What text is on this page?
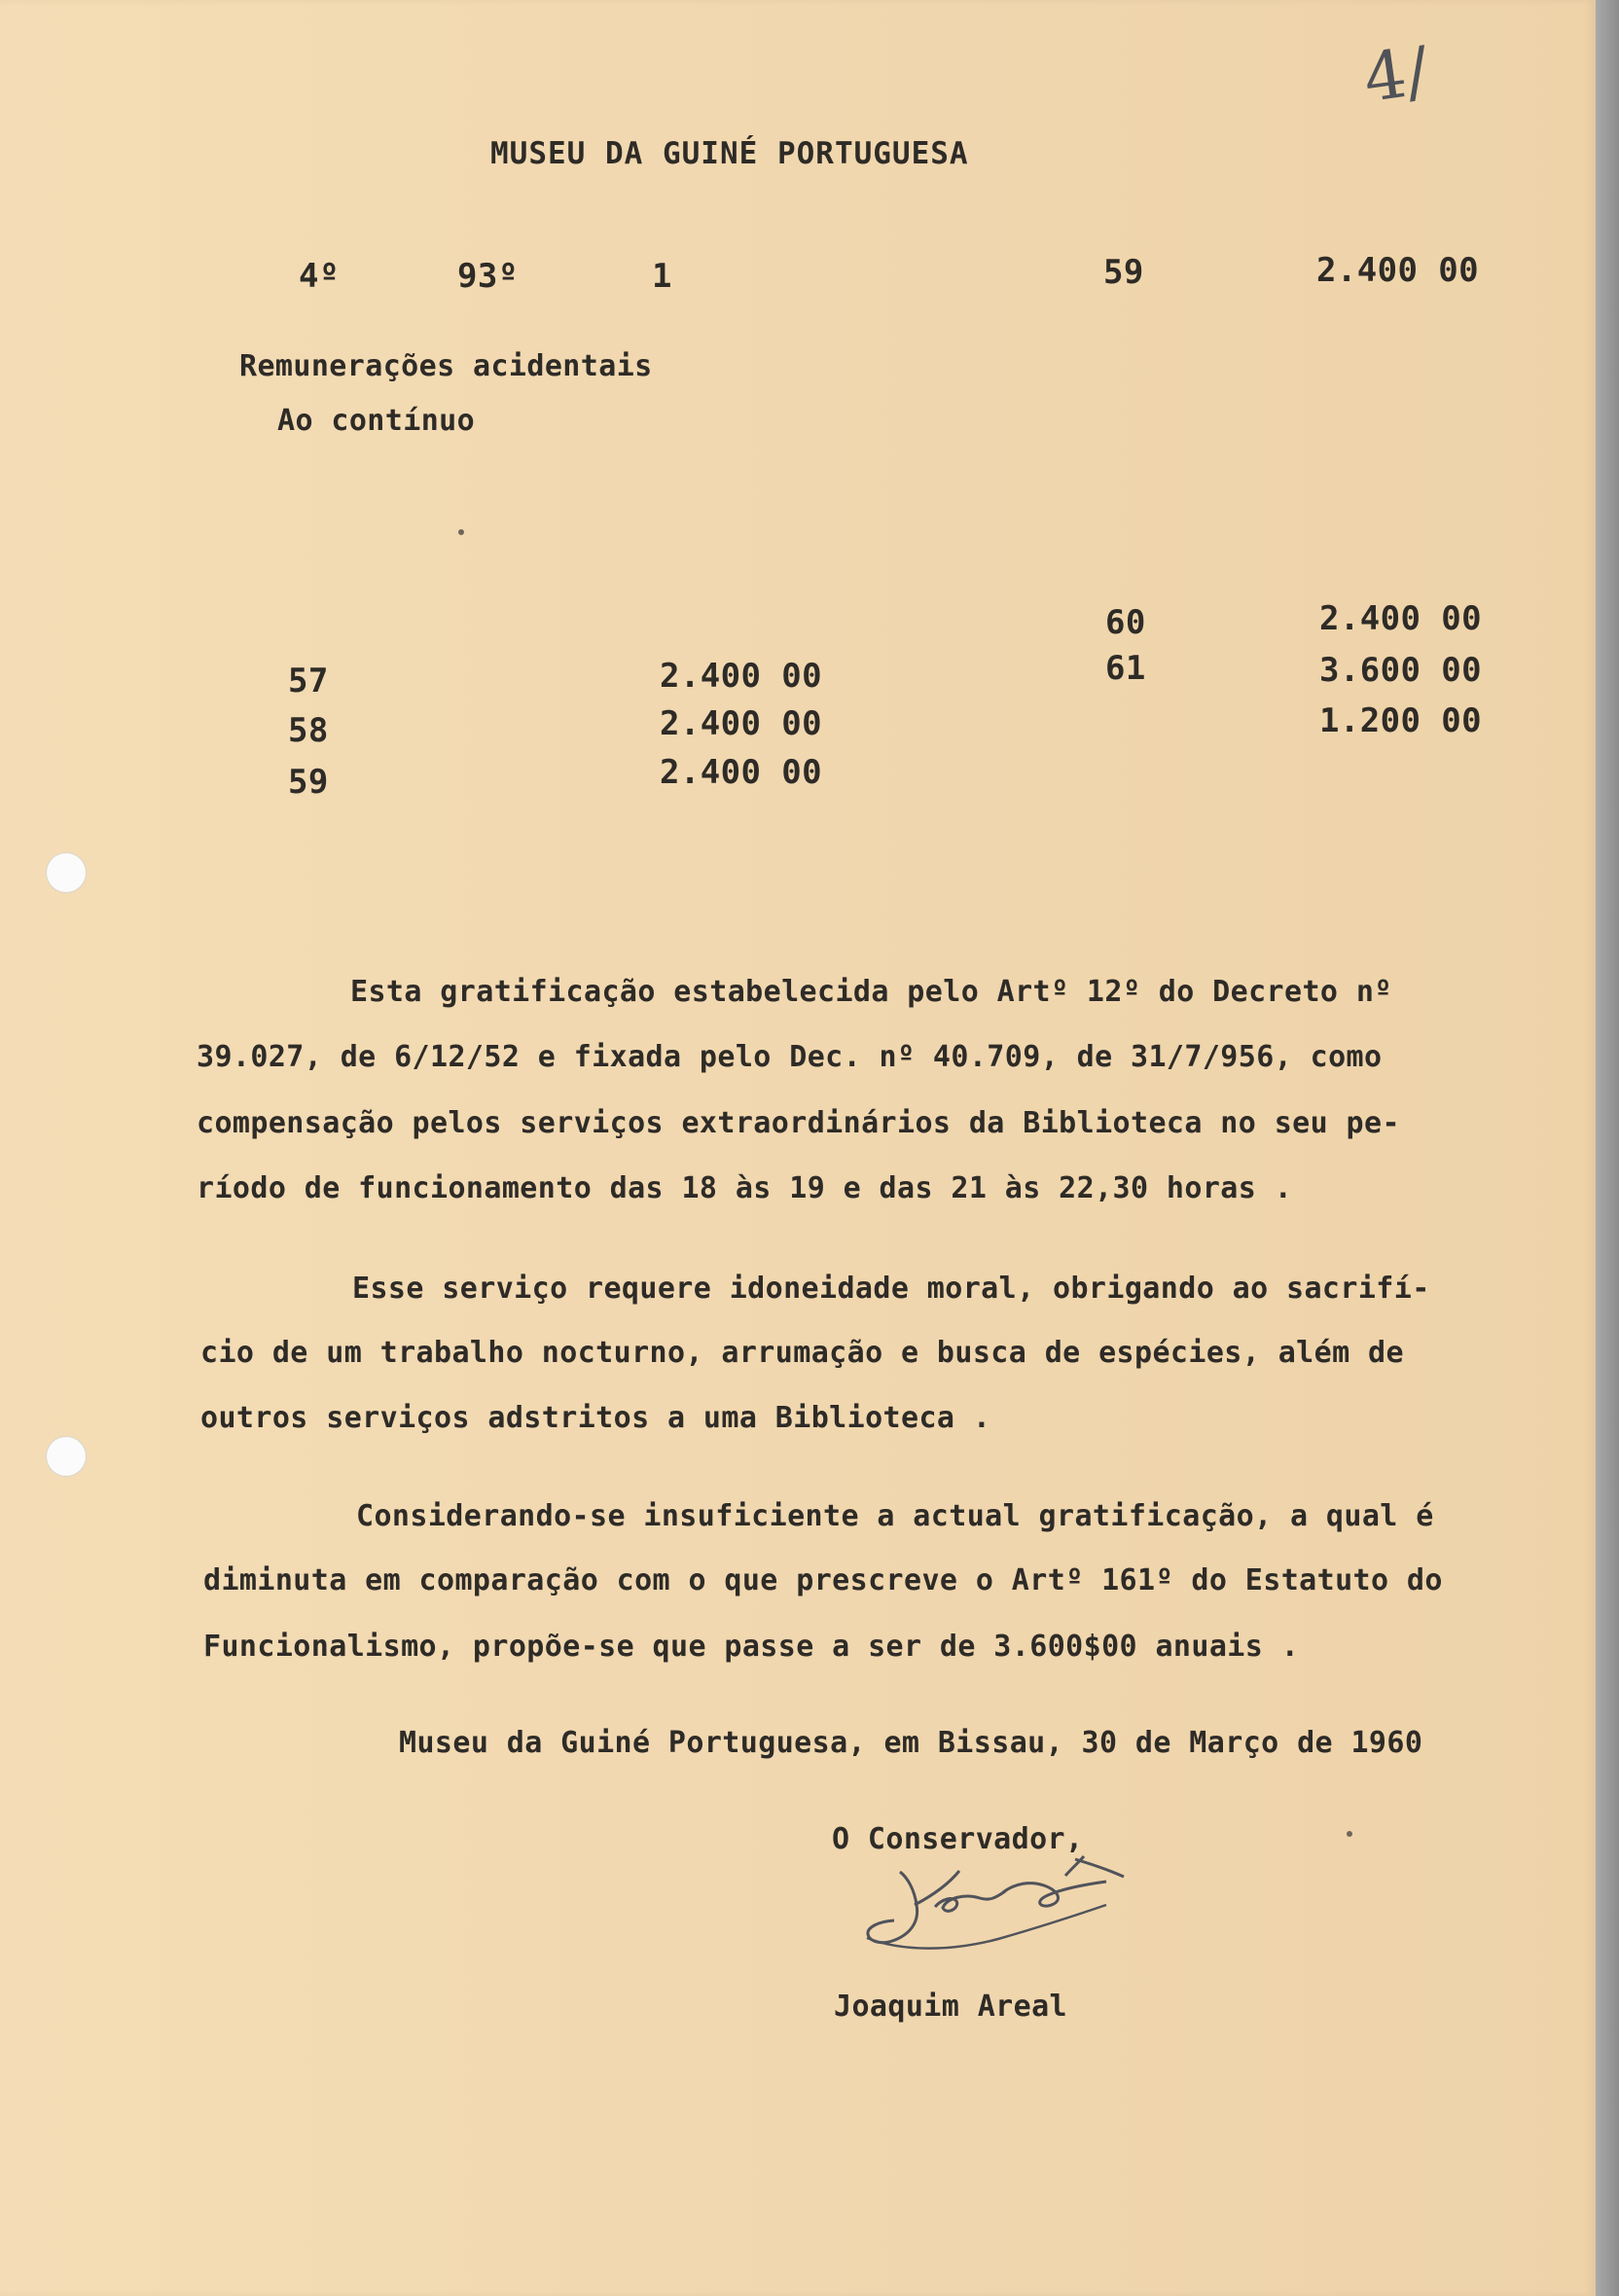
4/
MUSEU DA GUINÉ PORTUGUESA
4º	93º	1	59	2.400 00
Remunerações acidentais
Ao contínuo
57	2.400 00
58	2.400 00
59	2.400 00
60	2.400 00
61	3.600 00
1.200 00
Esta gratificação estabelecida pelo Artº 12º do Decreto nº
39.027, de 6/12/52 e fixada pelo Dec. nº 40.709, de 31/7/956, como
compensação pelos serviços extraordinários da Biblioteca no seu pe-
ríodo de funcionamento das 18 às 19 e das 21 às 22,30 horas .
Esse serviço requere idoneidade moral, obrigando ao sacrifí-
cio de um trabalho nocturno, arrumação e busca de espécies, além de
outros serviços adstritos a uma Biblioteca .
Considerando-se insuficiente a actual gratificação, a qual é
diminuta em comparação com o que prescreve o Artº 161º do Estatuto do
Funcionalismo, propõe-se que passe a ser de 3.600$00 anuais .
Museu da Guiné Portuguesa, em Bissau, 30 de Março de 1960
O Conservador,
Joaquim Areal
